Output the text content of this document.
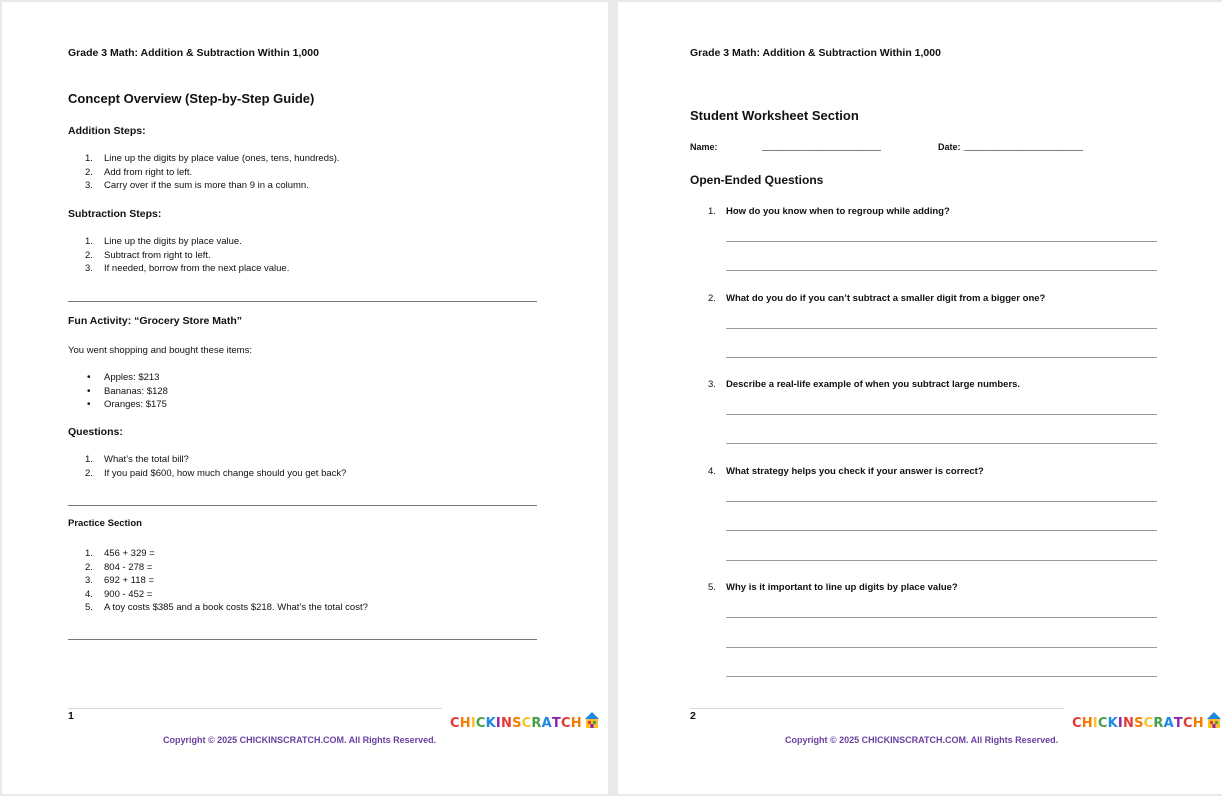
Grade 3 Math: Addition & Subtraction Within 1,000
Concept Overview (Step-by-Step Guide)
Addition Steps:
1. Line up the digits by place value (ones, tens, hundreds).
2. Add from right to left.
3. Carry over if the sum is more than 9 in a column.
Subtraction Steps:
1. Line up the digits by place value.
2. Subtract from right to left.
3. If needed, borrow from the next place value.
Fun Activity: “Grocery Store Math”
You went shopping and bought these items:
• Apples: $213
• Bananas: $128
• Oranges: $175
Questions:
1. What’s the total bill?
2. If you paid $600, how much change should you get back?
Practice Section
1. 456 + 329 =
2. 804 - 278 =
3. 692 + 118 =
4. 900 - 452 =
5. A toy costs $385 and a book costs $218. What’s the total cost?
1	CHICKINSCRATCH
Copyright © 2025 CHICKINSCRATCH.COM. All Rights Reserved.
Grade 3 Math: Addition & Subtraction Within 1,000
Student Worksheet Section
Name:	______________________________	Date: ______________________________
Open-Ended Questions
1. How do you know when to regroup while adding?
2. What do you do if you can’t subtract a smaller digit from a bigger one?
3. Describe a real-life example of when you subtract large numbers.
4. What strategy helps you check if your answer is correct?
5. Why is it important to line up digits by place value?
2	CHICKINSCRATCH
Copyright © 2025 CHICKINSCRATCH.COM. All Rights Reserved.
